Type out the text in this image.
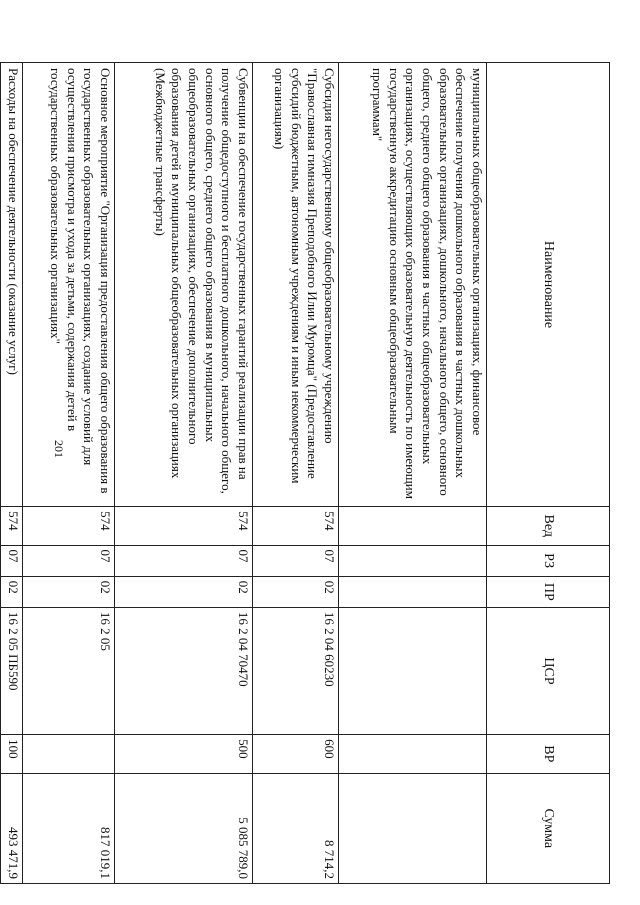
201
Наименование	Вед	РЗ	ПР	ЦСР	ВР	Сумма
муниципальных общеобразовательных организациях, финансовое обеспечение получения дошкольного образования в частных дошкольных образовательных организациях, дошкольного, начального общего, основного общего, среднего общего образования в частных общеобразовательных организациях, осуществляющих образовательную деятельность по имеющим государственную аккредитацию основным общеобразовательным программам"						
Субсидия негосударственному общеобразовательному учреждению "Православная гимназия Преподобного Илии Муромца" (Предоставление субсидий бюджетным, автономным учреждениям и иным некоммерческим организациям)	574	07	02	16 2 04 60230	600	8 714,2
Субвенции на обеспечение государственных гарантий реализации прав на получение общедоступного и бесплатного дошкольного, начального общего, основного общего, среднего общего образования в муниципальных общеобразовательных организациях, обеспечение дополнительного образования детей в муниципальных общеобразовательных организациях (Межбюджетные трансферты)	574	07	02	16 2 04 70470	500	5 085 789,0
Основное мероприятие "Организация предоставления общего образования в государственных образовательных организациях, создание условий для осуществления присмотра и ухода за детьми, содержания детей в государственных образовательных организациях"	574	07	02	16 2 05		817 019,1
Расходы на обеспечение деятельности (оказание услуг)	574	07	02	16 2 05 ПБ590	100	493 471,9
